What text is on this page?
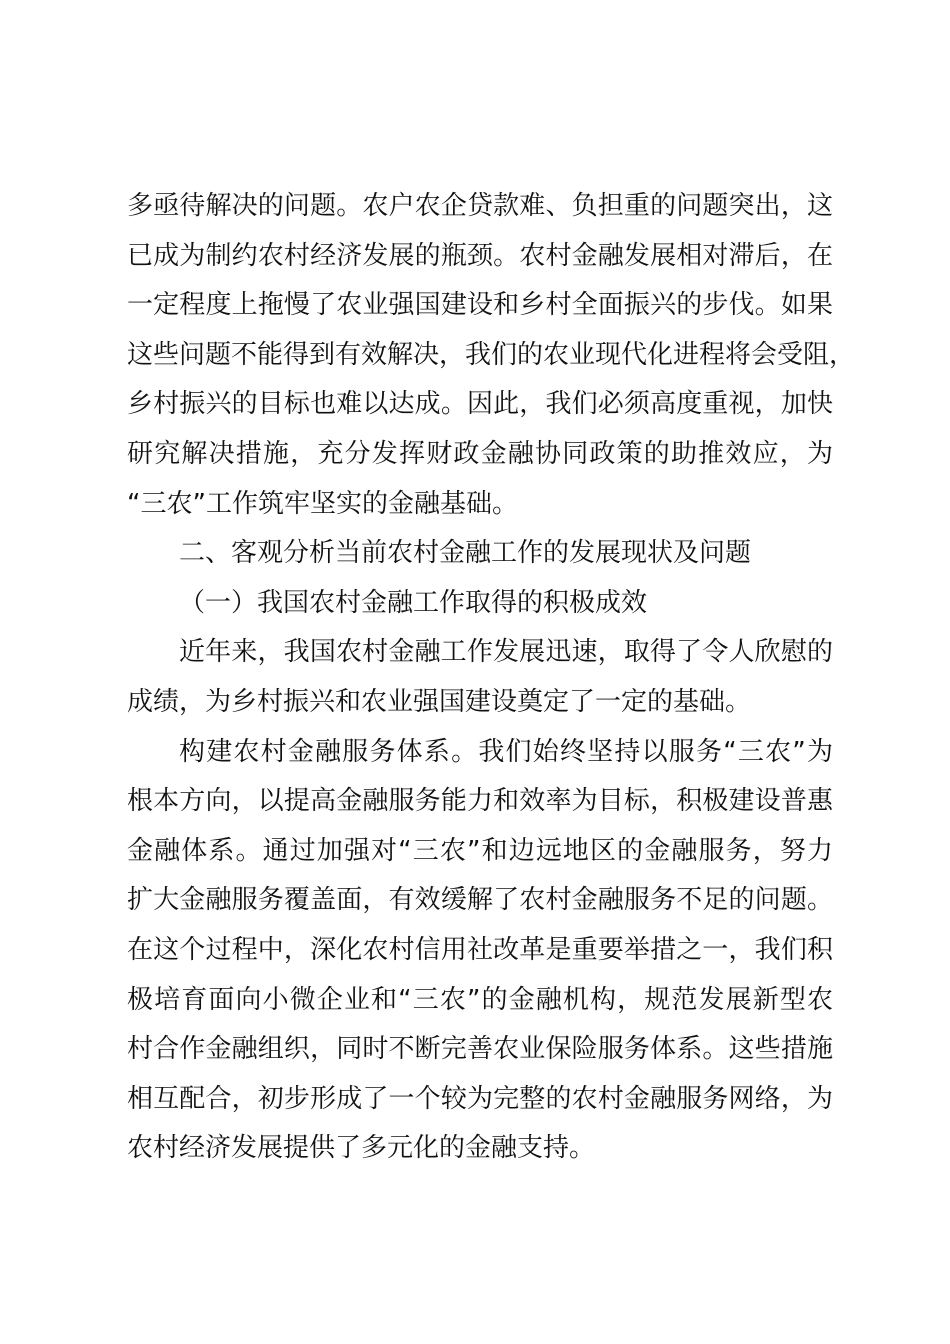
多亟待解决的问题。农户农企贷款难、负担重的问题突出，这
已成为制约农村经济发展的瓶颈。农村金融发展相对滞后，在
一定程度上拖慢了农业强国建设和乡村全面振兴的步伐。如果
这些问题不能得到有效解决，我们的农业现代化进程将会受阻，
乡村振兴的目标也难以达成。因此，我们必须高度重视，加快
研究解决措施，充分发挥财政金融协同政策的助推效应，为
“三农”工作筑牢坚实的金融基础。
二、客观分析当前农村金融工作的发展现状及问题
（一）我国农村金融工作取得的积极成效
近年来，我国农村金融工作发展迅速，取得了令人欣慰的
成绩，为乡村振兴和农业强国建设奠定了一定的基础。
构建农村金融服务体系。我们始终坚持以服务“三农”为
根本方向，以提高金融服务能力和效率为目标，积极建设普惠
金融体系。通过加强对“三农”和边远地区的金融服务，努力
扩大金融服务覆盖面，有效缓解了农村金融服务不足的问题。
在这个过程中，深化农村信用社改革是重要举措之一，我们积
极培育面向小微企业和“三农”的金融机构，规范发展新型农
村合作金融组织，同时不断完善农业保险服务体系。这些措施
相互配合，初步形成了一个较为完整的农村金融服务网络，为
农村经济发展提供了多元化的金融支持。
